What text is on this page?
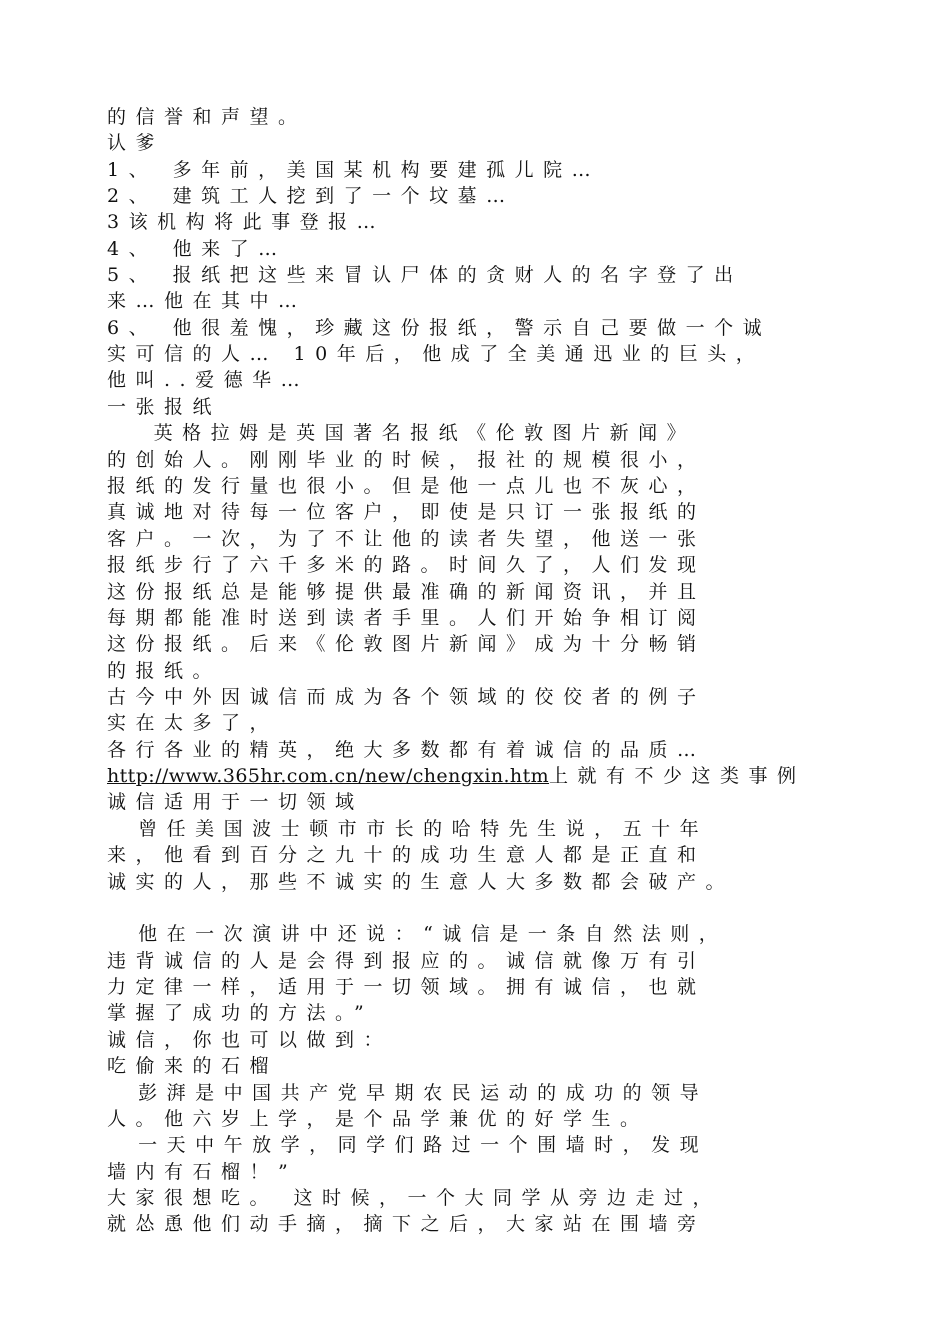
的信誉和声望。
认爹
1、 多年前，美国某机构要建孤儿院…
2、 建筑工人挖到了一个坟墓…
3该机构将此事登报…
4、 他来了…
5、 报纸把这些来冒认尸体的贪财人的名字登了出
来…他在其中…
6、 他很羞愧，珍藏这份报纸，警示自己要做一个诚
实可信的人… 10年后，他成了全美通迅业的巨头，
他叫..爱德华…
一张报纸
英格拉姆是英国著名报纸《伦敦图片新闻》
的创始人。刚刚毕业的时候，报社的规模很小，
报纸的发行量也很小。但是他一点儿也不灰心，
真诚地对待每一位客户，即使是只订一张报纸的
客户。一次，为了不让他的读者失望，他送一张
报纸步行了六千多米的路。时间久了，人们发现
这份报纸总是能够提供最准确的新闻资讯，并且
每期都能准时送到读者手里。人们开始争相订阅
这份报纸。后来《伦敦图片新闻》成为十分畅销
的报纸。
古今中外因诚信而成为各个领域的佼佼者的例子
实在太多了，
各行各业的精英，绝大多数都有着诚信的品质…
http://www.365hr.com.cn/new/chengxin.htm上就有不少这类事例
诚信适用于一切领域
曾任美国波士顿市市长的哈特先生说，五十年
来，他看到百分之九十的成功生意人都是正直和
诚实的人，那些不诚实的生意人大多数都会破产。
他在一次演讲中还说：“诚信是一条自然法则，
违背诚信的人是会得到报应的。诚信就像万有引
力定律一样，适用于一切领域。拥有诚信，也就
掌握了成功的方法。”
诚信，你也可以做到：
吃偷来的石榴
彭湃是中国共产党早期农民运动的成功的领导
人。他六岁上学，是个品学兼优的好学生。
一天中午放学，同学们路过一个围墙时，发现
墙内有石榴！”
大家很想吃。 这时候，一个大同学从旁边走过，
就怂恿他们动手摘，摘下之后，大家站在围墙旁
